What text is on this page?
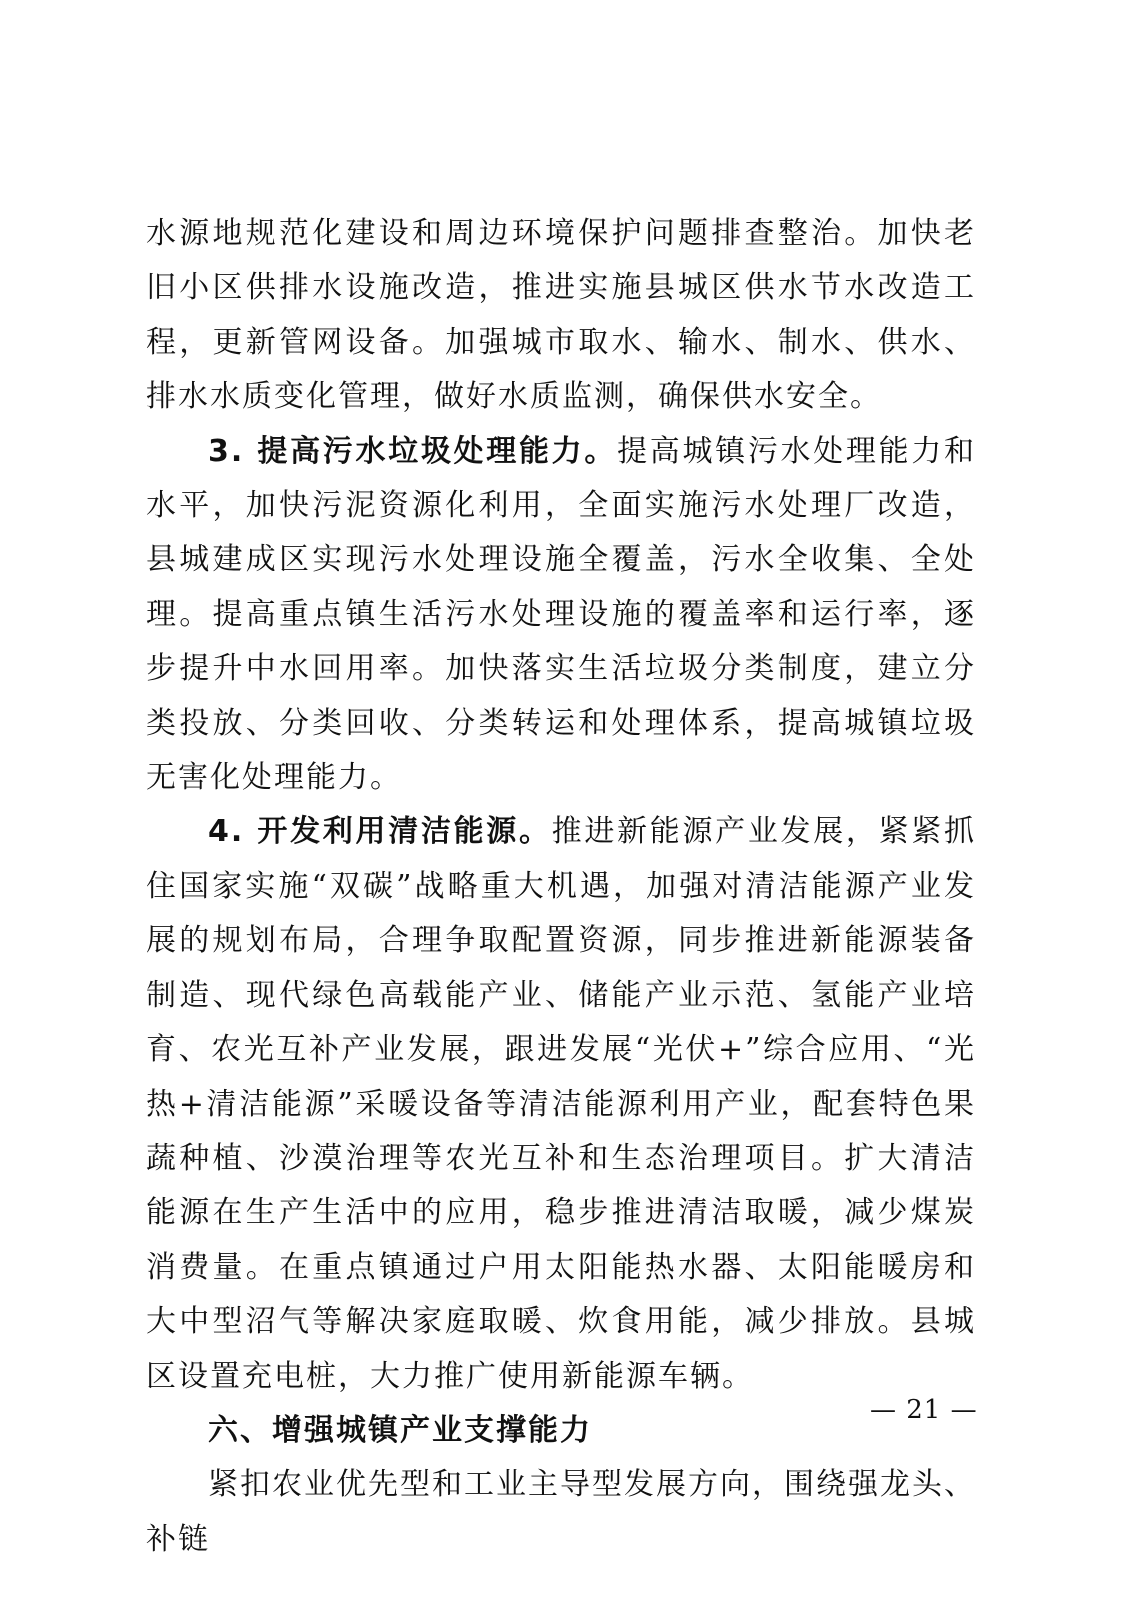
水源地规范化建设和周边环境保护问题排查整治。加快老旧小区供排水设施改造，推进实施县城区供水节水改造工程，更新管网设备。加强城市取水、输水、制水、供水、排水水质变化管理，做好水质监测，确保供水安全。

3. 提高污水垃圾处理能力。提高城镇污水处理能力和水平，加快污泥资源化利用，全面实施污水处理厂改造，县城建成区实现污水处理设施全覆盖，污水全收集、全处理。提高重点镇生活污水处理设施的覆盖率和运行率，逐步提升中水回用率。加快落实生活垃圾分类制度，建立分类投放、分类回收、分类转运和处理体系，提高城镇垃圾无害化处理能力。

4. 开发利用清洁能源。推进新能源产业发展，紧紧抓住国家实施“双碳”战略重大机遇，加强对清洁能源产业发展的规划布局，合理争取配置资源，同步推进新能源装备制造、现代绿色高载能产业、储能产业示范、氢能产业培育、农光互补产业发展，跟进发展“光伏+”综合应用、“光热+清洁能源”采暖设备等清洁能源利用产业，配套特色果蔬种植、沙漠治理等农光互补和生态治理项目。扩大清洁能源在生产生活中的应用，稳步推进清洁取暖，减少煤炭消费量。在重点镇通过户用太阳能热水器、太阳能暖房和大中型沼气等解决家庭取暖、炊食用能，减少排放。县城区设置充电桩，大力推广使用新能源车辆。

六、增强城镇产业支撑能力

紧扣农业优先型和工业主导型发展方向，围绕强龙头、补链

— 21 —
